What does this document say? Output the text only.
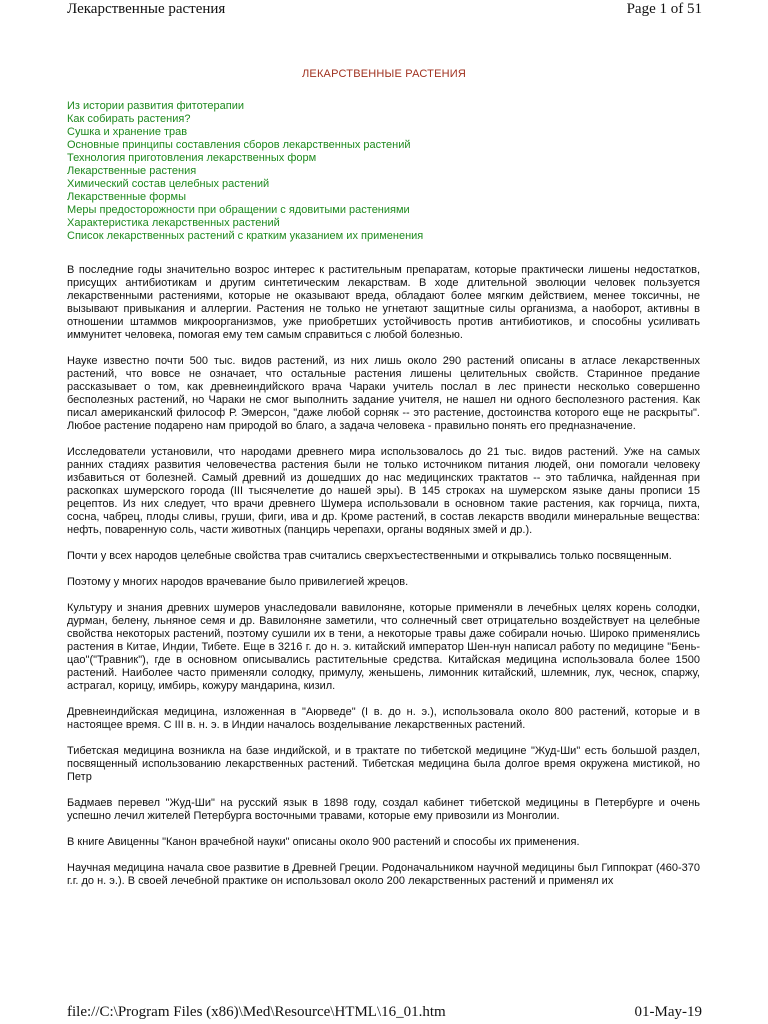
Лекарственные растения	Page 1 of 51
ЛЕКАРСТВЕННЫЕ РАСТЕНИЯ
Из истории развития фитотерапии
Как собирать растения?
Сушка и хранение трав
Основные принципы составления сборов лекарственных растений
Технология приготовления лекарственных форм
Лекарственные растения
Химический состав целебных растений
Лекарственные формы
Меры предосторожности при обращении с ядовитыми растениями
Характеристика лекарственных растений
Список лекарственных растений с кратким указанием их применения

В последние годы значительно возрос интерес к растительным препаратам, которые практически лишены недостатков, присущих антибиотикам и другим синтетическим лекарствам. В ходе длительной эволюции человек пользуется лекарственными растениями, которые не оказывают вреда, обладают более мягким действием, менее токсичны, не вызывают привыкания и аллергии. Растения не только не угнетают защитные силы организма, а наоборот, активны в отношении штаммов микроорганизмов, уже приобретших устойчивость против антибиотиков, и способны усиливать иммунитет человека, помогая ему тем самым справиться с любой болезнью.

Науке известно почти 500 тыс. видов растений, из них лишь около 290 растений описаны в атласе лекарственных растений, что вовсе не означает, что остальные растения лишены целительных свойств. Старинное предание рассказывает о том, как древнеиндийского врача Чараки учитель послал в лес принести несколько совершенно бесполезных растений, но Чараки не смог выполнить задание учителя, не нашел ни одного бесполезного растения. Как писал американский философ Р. Эмерсон, "даже любой сорняк -- это растение, достоинства которого еще не раскрыты". Любое растение подарено нам природой во благо, а задача человека - правильно понять его предназначение.

Исследователи установили, что народами древнего мира использовалось до 21 тыс. видов растений. Уже на самых ранних стадиях развития человечества растения были не только источником питания людей, они помогали человеку избавиться от болезней. Самый древний из дошедших до нас медицинских трактатов -- это табличка, найденная при раскопках шумерского города (III тысячелетие до нашей эры). В 145 строках на шумерском языке даны прописи 15 рецептов. Из них следует, что врачи древнего Шумера использовали в основном такие растения, как горчица, пихта, сосна, чабрец, плоды сливы, груши, фиги, ива и др. Кроме растений, в состав лекарств вводили минеральные вещества: нефть, поваренную соль, части животных (панцирь черепахи, органы водяных змей и др.).

Почти у всех народов целебные свойства трав считались сверхъестественными и открывались только посвященным.

Поэтому у многих народов врачевание было привилегией жрецов.

Культуру и знания древних шумеров унаследовали вавилоняне, которые применяли в лечебных целях корень солодки, дурман, белену, льняное семя и др. Вавилоняне заметили, что солнечный свет отрицательно воздействует на целебные свойства некоторых растений, поэтому сушили их в тени, а некоторые травы даже собирали ночью. Широко применялись растения в Китае, Индии, Тибете. Еще в 3216 г. до н. э. китайский император Шен-нун написал работу по медицине "Бень-цао"("Травник"), где в основном описывались растительные средства. Китайская медицина использовала более 1500 растений. Наиболее часто применяли солодку, примулу, женьшень, лимонник китайский, шлемник, лук, чеснок, спаржу, астрагал, корицу, имбирь, кожуру мандарина, кизил.

Древнеиндийская медицина, изложенная в "Аюрведе" (I в. до н. э.), использовала около 800 растений, которые и в настоящее время. С III в. н. э. в Индии началось возделывание лекарственных растений.

Тибетская медицина возникла на базе индийской, и в трактате по тибетской медицине "Жуд-Ши" есть большой раздел, посвященный использованию лекарственных растений. Тибетская медицина была долгое время окружена мистикой, но Петр

Бадмаев перевел "Жуд-Ши" на русский язык в 1898 году, создал кабинет тибетской медицины в Петербурге и очень успешно лечил жителей Петербурга восточными травами, которые ему привозили из Монголии.

В книге Авиценны "Канон врачебной науки" описаны около 900 растений и способы их применения.

Научная медицина начала свое развитие в Древней Греции. Родоначальником научной медицины был Гиппократ (460-370 г.г. до н. э.). В своей лечебной практике он использовал около 200 лекарственных растений и применял их

file://C:\Program Files (x86)\Med\Resource\HTML\16_01.htm	01-May-19
